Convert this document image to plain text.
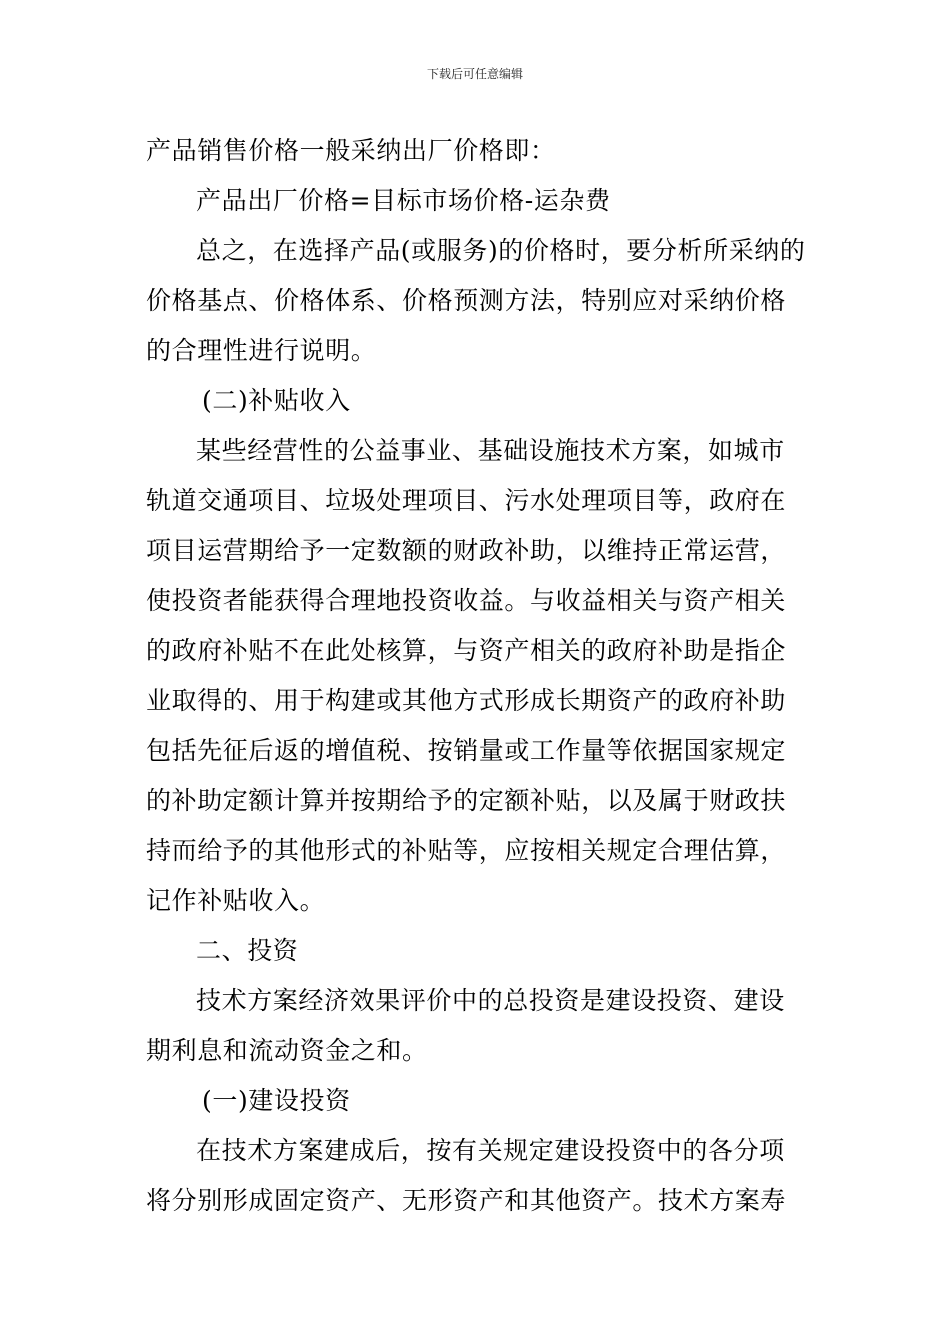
下载后可任意编辑
产品销售价格一般采纳出厂价格即：
产品出厂价格=目标市场价格-运杂费
总之，在选择产品(或服务)的价格时，要分析所采纳的
价格基点、价格体系、价格预测方法，特别应对采纳价格
的合理性进行说明。
(二)补贴收入
某些经营性的公益事业、基础设施技术方案，如城市
轨道交通项目、垃圾处理项目、污水处理项目等，政府在
项目运营期给予一定数额的财政补助，以维持正常运营，
使投资者能获得合理地投资收益。与收益相关与资产相关
的政府补贴不在此处核算，与资产相关的政府补助是指企
业取得的、用于构建或其他方式形成长期资产的政府补助
包括先征后返的增值税、按销量或工作量等依据国家规定
的补助定额计算并按期给予的定额补贴，以及属于财政扶
持而给予的其他形式的补贴等，应按相关规定合理估算，
记作补贴收入。
二、投资
技术方案经济效果评价中的总投资是建设投资、建设
期利息和流动资金之和。
(一)建设投资
在技术方案建成后，按有关规定建设投资中的各分项
将分别形成固定资产、无形资产和其他资产。技术方案寿
